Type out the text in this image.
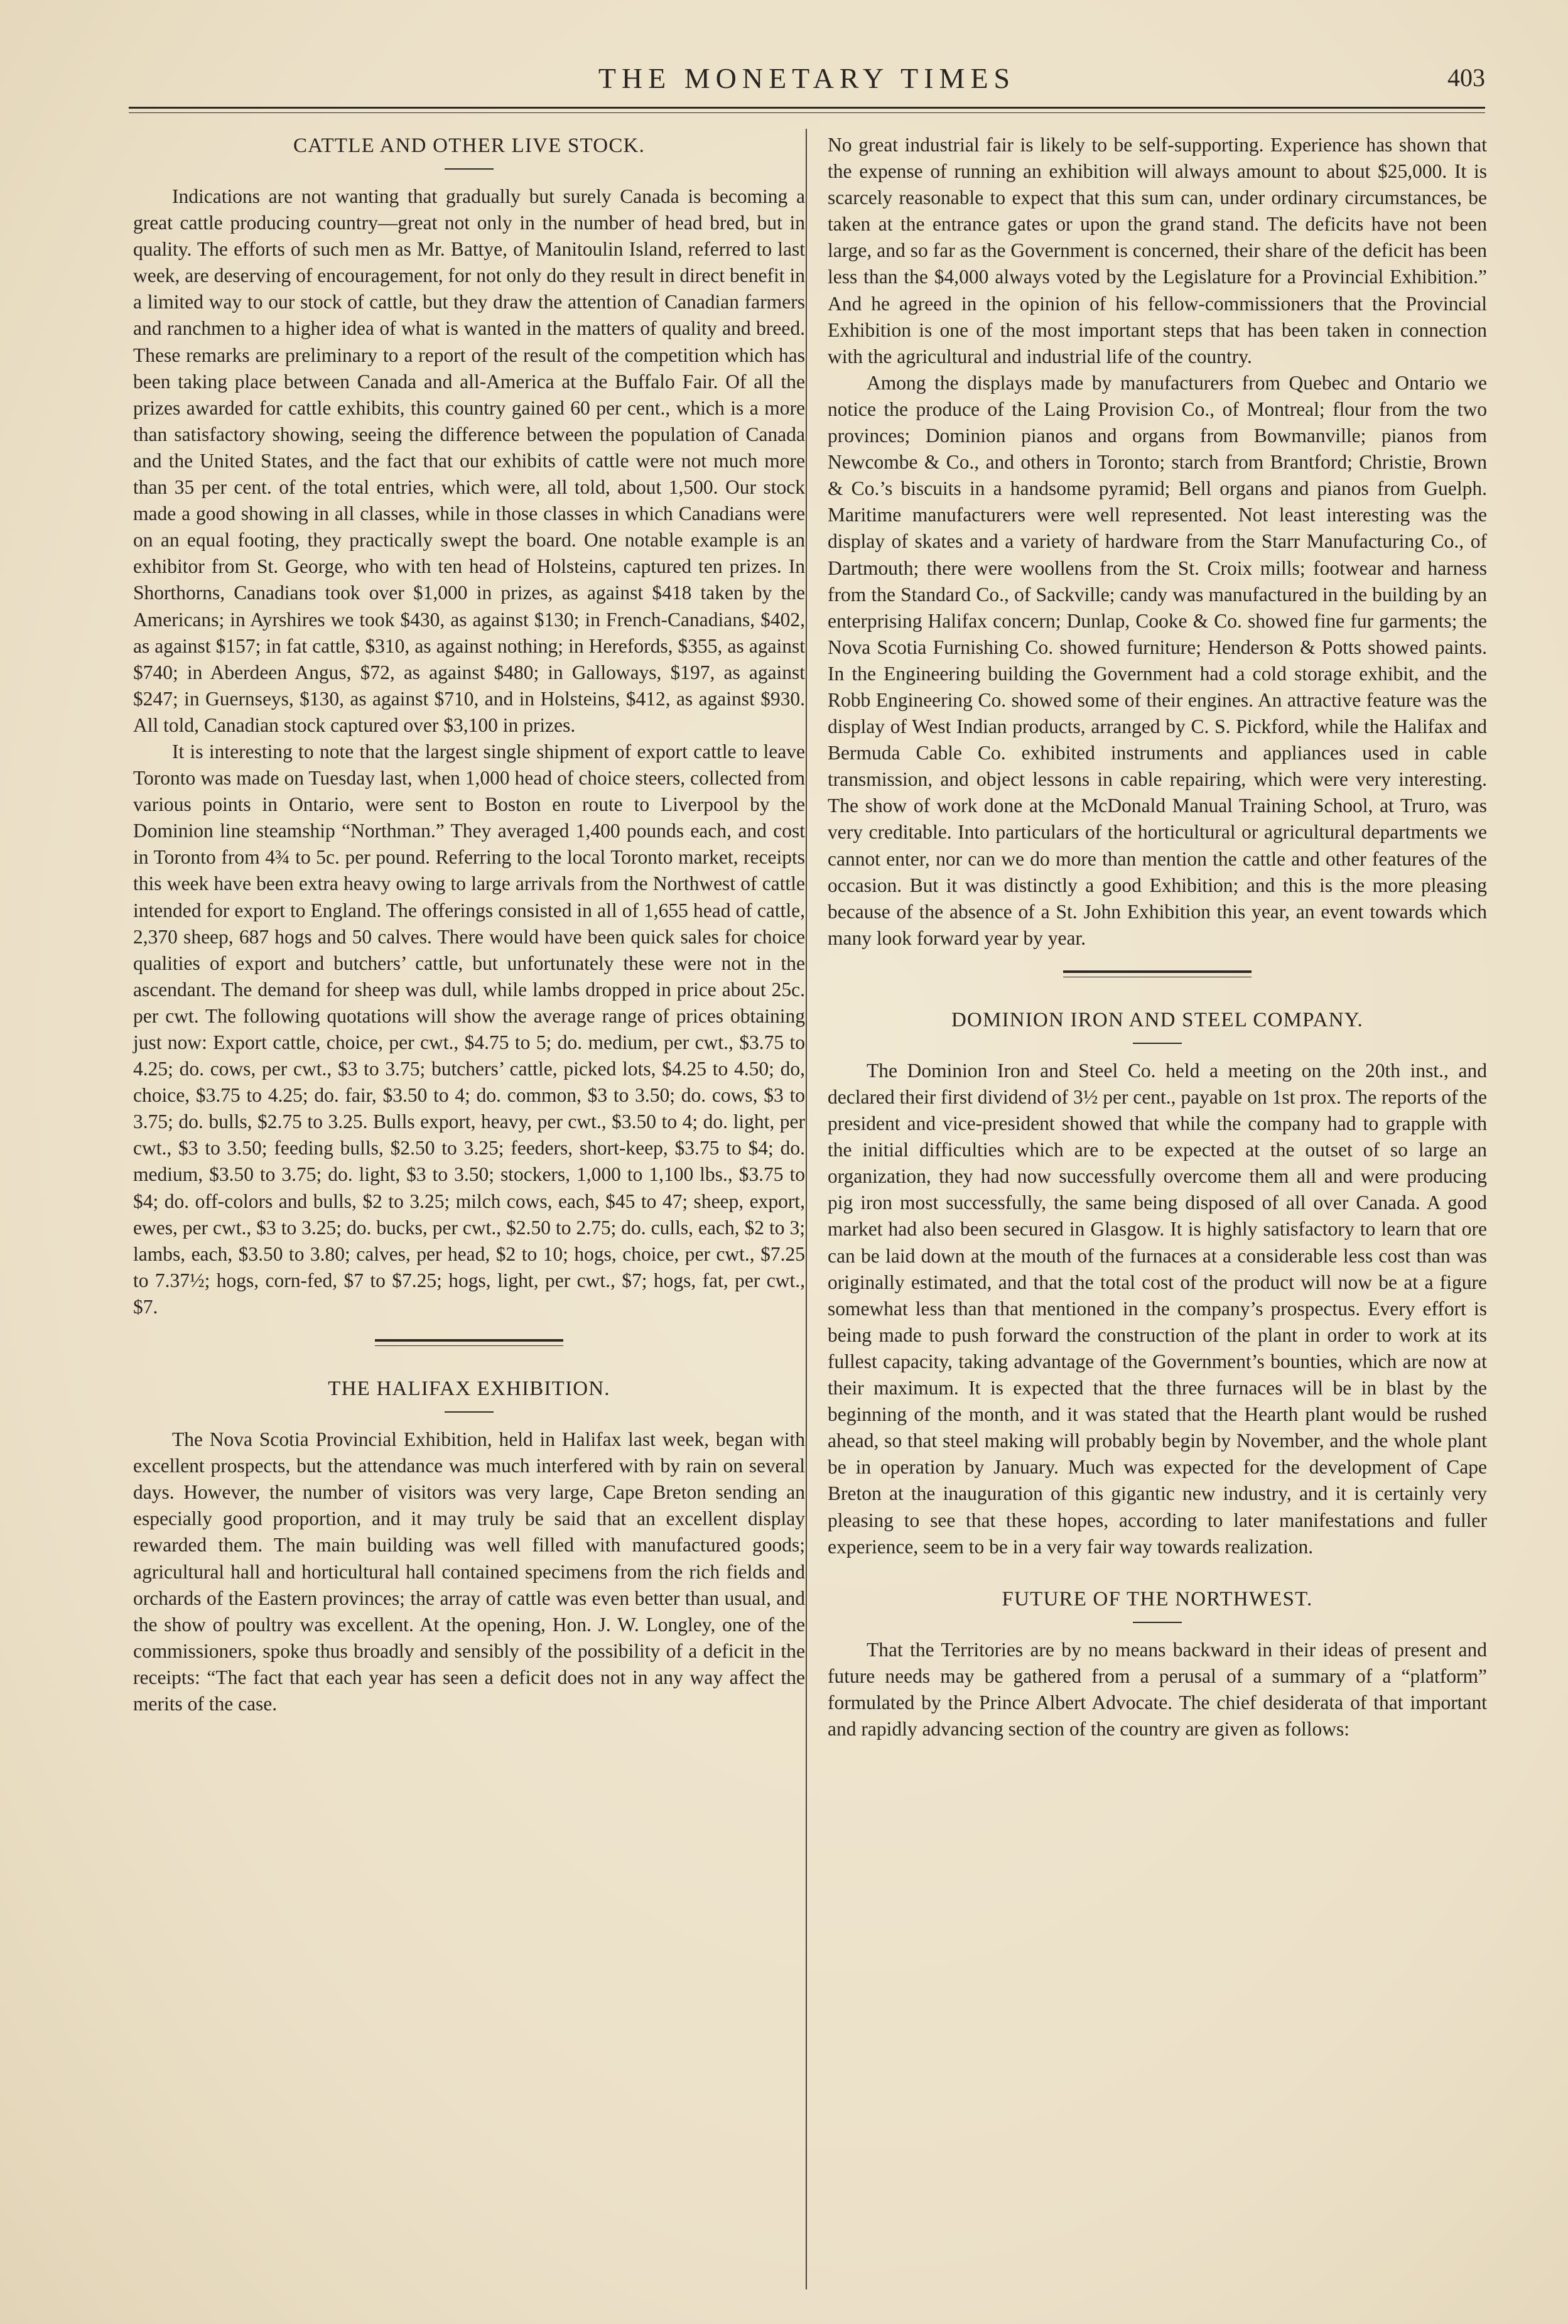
THE MONETARY TIMES	403
CATTLE AND OTHER LIVE STOCK.

Indications are not wanting that gradually but surely Canada is becoming a great cattle producing country—great not only in the number of head bred, but in quality. The efforts of such men as Mr. Battye, of Manitoulin Island, referred to last week, are deserving of encouragement, for not only do they result in direct benefit in a limited way to our stock of cattle, but they draw the attention of Canadian farmers and ranchmen to a higher idea of what is wanted in the matters of quality and breed. These remarks are preliminary to a report of the result of the competition which has been taking place between Canada and all-America at the Buffalo Fair. Of all the prizes awarded for cattle exhibits, this country gained 60 per cent., which is a more than satisfactory showing, seeing the difference between the population of Canada and the United States, and the fact that our exhibits of cattle were not much more than 35 per cent. of the total entries, which were, all told, about 1,500. Our stock made a good showing in all classes, while in those classes in which Canadians were on an equal footing, they practically swept the board. One notable example is an exhibitor from St. George, who with ten head of Holsteins, captured ten prizes. In Shorthorns, Canadians took over $1,000 in prizes, as against $418 taken by the Americans; in Ayrshires we took $430, as against $130; in French-Canadians, $402, as against $157; in fat cattle, $310, as against nothing; in Herefords, $355, as against $740; in Aberdeen Angus, $72, as against $480; in Galloways, $197, as against $247; in Guernseys, $130, as against $710, and in Holsteins, $412, as against $930. All told, Canadian stock captured over $3,100 in prizes.

It is interesting to note that the largest single shipment of export cattle to leave Toronto was made on Tuesday last, when 1,000 head of choice steers, collected from various points in Ontario, were sent to Boston en route to Liverpool by the Dominion line steamship “Northman.” They averaged 1,400 pounds each, and cost in Toronto from 4¾ to 5c. per pound. Referring to the local Toronto market, receipts this week have been extra heavy owing to large arrivals from the Northwest of cattle intended for export to England. The offerings consisted in all of 1,655 head of cattle, 2,370 sheep, 687 hogs and 50 calves. There would have been quick sales for choice qualities of export and butchers’ cattle, but unfortunately these were not in the ascendant. The demand for sheep was dull, while lambs dropped in price about 25c. per cwt. The following quotations will show the average range of prices obtaining just now: Export cattle, choice, per cwt., $4.75 to 5; do. medium, per cwt., $3.75 to 4.25; do. cows, per cwt., $3 to 3.75; butchers’ cattle, picked lots, $4.25 to 4.50; do, choice, $3.75 to 4.25; do. fair, $3.50 to 4; do. common, $3 to 3.50; do. cows, $3 to 3.75; do. bulls, $2.75 to 3.25. Bulls export, heavy, per cwt., $3.50 to 4; do. light, per cwt., $3 to 3.50; feeding bulls, $2.50 to 3.25; feeders, short-keep, $3.75 to $4; do. medium, $3.50 to 3.75; do. light, $3 to 3.50; stockers, 1,000 to 1,100 lbs., $3.75 to $4; do. off-colors and bulls, $2 to 3.25; milch cows, each, $45 to 47; sheep, export, ewes, per cwt., $3 to 3.25; do. bucks, per cwt., $2.50 to 2.75; do. culls, each, $2 to 3; lambs, each, $3.50 to 3.80; calves, per head, $2 to 10; hogs, choice, per cwt., $7.25 to 7.37½; hogs, corn-fed, $7 to $7.25; hogs, light, per cwt., $7; hogs, fat, per cwt., $7.

THE HALIFAX EXHIBITION.

The Nova Scotia Provincial Exhibition, held in Halifax last week, began with excellent prospects, but the attendance was much interfered with by rain on several days. However, the number of visitors was very large, Cape Breton sending an especially good proportion, and it may truly be said that an excellent display rewarded them. The main building was well filled with manufactured goods; agricultural hall and horticultural hall contained specimens from the rich fields and orchards of the Eastern provinces; the array of cattle was even better than usual, and the show of poultry was excellent. At the opening, Hon. J. W. Longley, one of the commissioners, spoke thus broadly and sensibly of the possibility of a deficit in the receipts: “The fact that each year has seen a deficit does not in any way affect the merits of the case.

No great industrial fair is likely to be self-supporting. Experience has shown that the expense of running an exhibition will always amount to about $25,000. It is scarcely reasonable to expect that this sum can, under ordinary circumstances, be taken at the entrance gates or upon the grand stand. The deficits have not been large, and so far as the Government is concerned, their share of the deficit has been less than the $4,000 always voted by the Legislature for a Provincial Exhibition.” And he agreed in the opinion of his fellow-commissioners that the Provincial Exhibition is one of the most important steps that has been taken in connection with the agricultural and industrial life of the country.

Among the displays made by manufacturers from Quebec and Ontario we notice the produce of the Laing Provision Co., of Montreal; flour from the two provinces; Dominion pianos and organs from Bowmanville; pianos from Newcombe & Co., and others in Toronto; starch from Brantford; Christie, Brown & Co.’s biscuits in a handsome pyramid; Bell organs and pianos from Guelph. Maritime manufacturers were well represented. Not least interesting was the display of skates and a variety of hardware from the Starr Manufacturing Co., of Dartmouth; there were woollens from the St. Croix mills; footwear and harness from the Standard Co., of Sackville; candy was manufactured in the building by an enterprising Halifax concern; Dunlap, Cooke & Co. showed fine fur garments; the Nova Scotia Furnishing Co. showed furniture; Henderson & Potts showed paints. In the Engineering building the Government had a cold storage exhibit, and the Robb Engineering Co. showed some of their engines. An attractive feature was the display of West Indian products, arranged by C. S. Pickford, while the Halifax and Bermuda Cable Co. exhibited instruments and appliances used in cable transmission, and object lessons in cable repairing, which were very interesting. The show of work done at the McDonald Manual Training School, at Truro, was very creditable. Into particulars of the horticultural or agricultural departments we cannot enter, nor can we do more than mention the cattle and other features of the occasion. But it was distinctly a good Exhibition; and this is the more pleasing because of the absence of a St. John Exhibition this year, an event towards which many look forward year by year.

DOMINION IRON AND STEEL COMPANY.

The Dominion Iron and Steel Co. held a meeting on the 20th inst., and declared their first dividend of 3½ per cent., payable on 1st prox. The reports of the president and vice-president showed that while the company had to grapple with the initial difficulties which are to be expected at the outset of so large an organization, they had now successfully overcome them all and were producing pig iron most successfully, the same being disposed of all over Canada. A good market had also been secured in Glasgow. It is highly satisfactory to learn that ore can be laid down at the mouth of the furnaces at a considerable less cost than was originally estimated, and that the total cost of the product will now be at a figure somewhat less than that mentioned in the company’s prospectus. Every effort is being made to push forward the construction of the plant in order to work at its fullest capacity, taking advantage of the Government’s bounties, which are now at their maximum. It is expected that the three furnaces will be in blast by the beginning of the month, and it was stated that the Hearth plant would be rushed ahead, so that steel making will probably begin by November, and the whole plant be in operation by January. Much was expected for the development of Cape Breton at the inauguration of this gigantic new industry, and it is certainly very pleasing to see that these hopes, according to later manifestations and fuller experience, seem to be in a very fair way towards realization.

FUTURE OF THE NORTHWEST.

That the Territories are by no means backward in their ideas of present and future needs may be gathered from a perusal of a summary of a “platform” formulated by the Prince Albert Advocate. The chief desiderata of that important and rapidly advancing section of the country are given as follows:
